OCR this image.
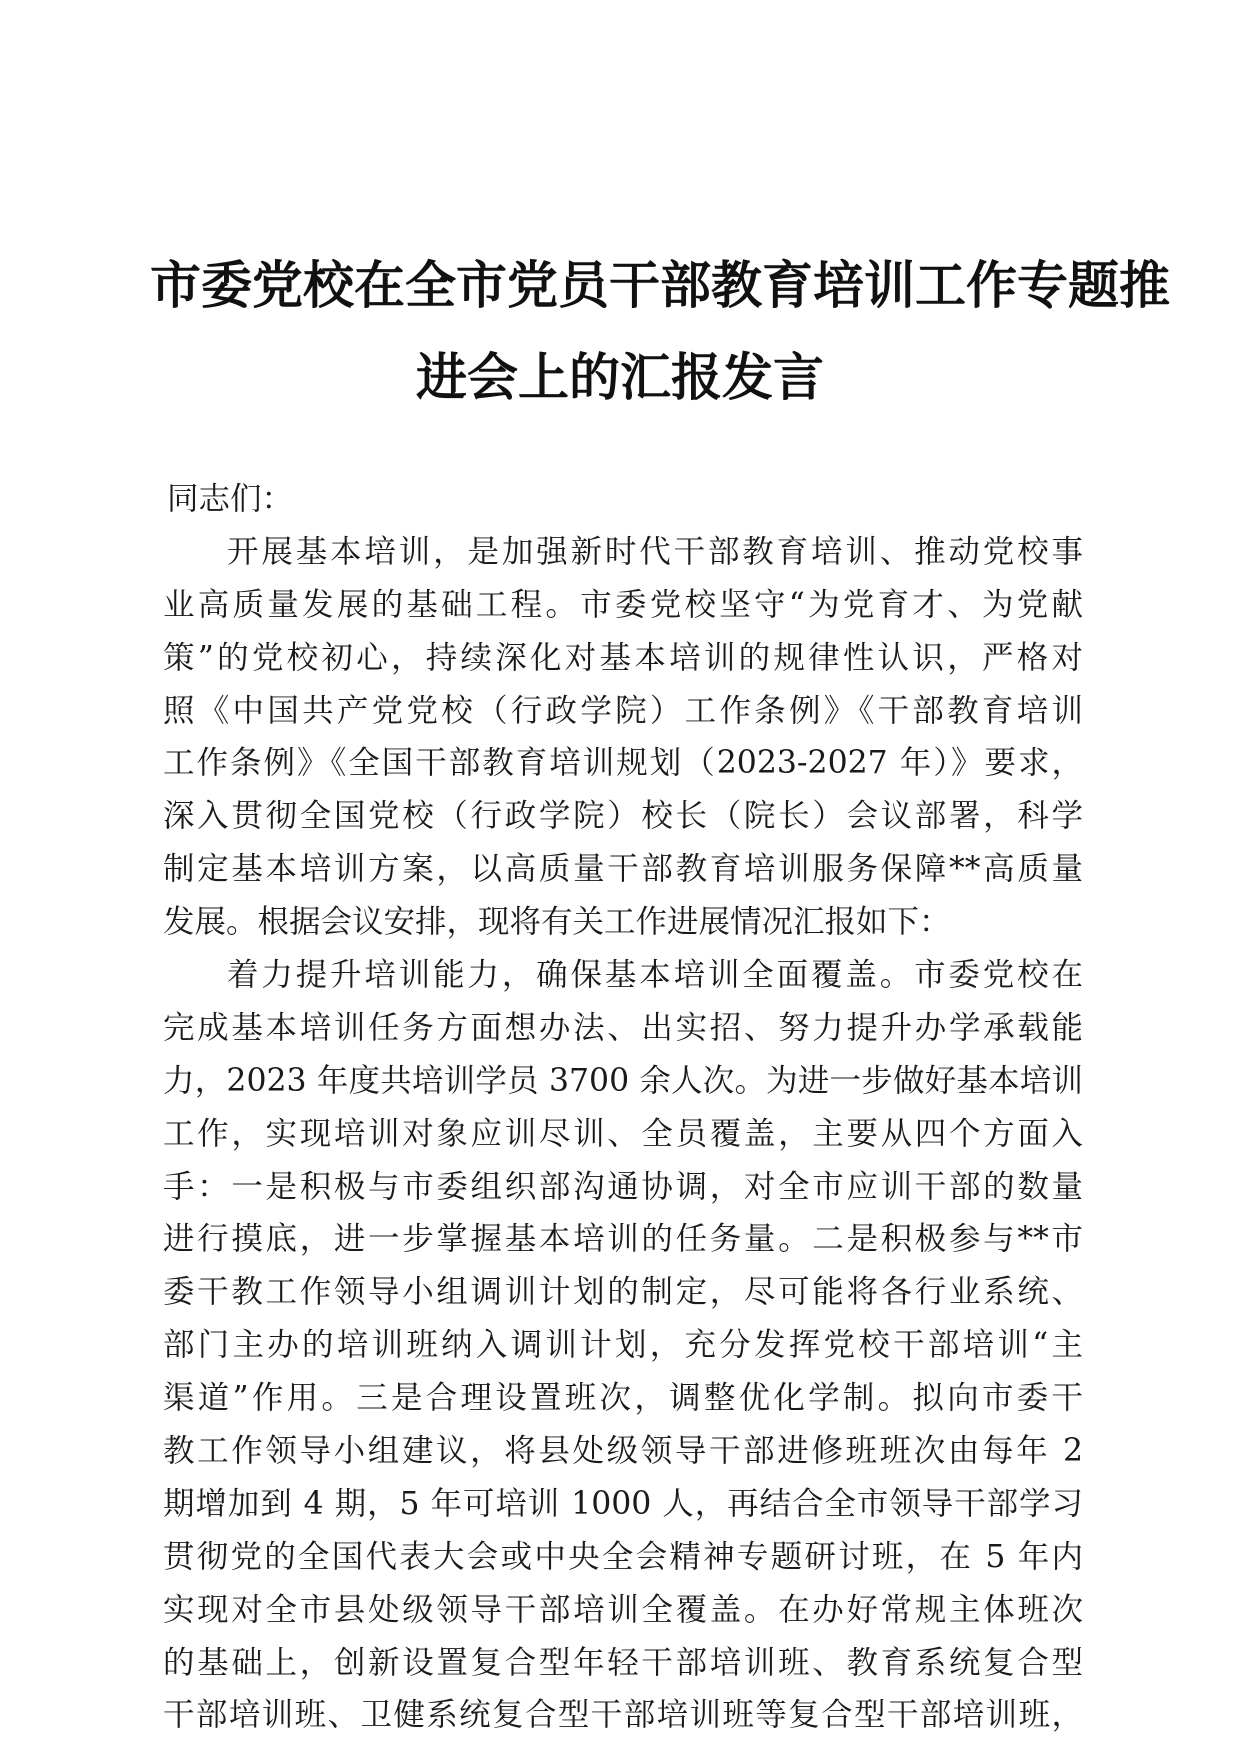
市委党校在全市党员干部教育培训工作专题推
进会上的汇报发言
同志们：
开展基本培训，是加强新时代干部教育培训、推动党校事
业高质量发展的基础工程。市委党校坚守“为党育才、为党献
策”的党校初心，持续深化对基本培训的规律性认识，严格对
照《中国共产党党校（行政学院）工作条例》《干部教育培训
工作条例》《全国干部教育培训规划（2023-2027 年）》要求，
深入贯彻全国党校（行政学院）校长（院长）会议部署，科学
制定基本培训方案，以高质量干部教育培训服务保障**高质量
发展。根据会议安排，现将有关工作进展情况汇报如下：
着力提升培训能力，确保基本培训全面覆盖。市委党校在
完成基本培训任务方面想办法、出实招、努力提升办学承载能
力，2023 年度共培训学员 3700 余人次。为进一步做好基本培训
工作，实现培训对象应训尽训、全员覆盖，主要从四个方面入
手：一是积极与市委组织部沟通协调，对全市应训干部的数量
进行摸底，进一步掌握基本培训的任务量。二是积极参与**市
委干教工作领导小组调训计划的制定，尽可能将各行业系统、
部门主办的培训班纳入调训计划，充分发挥党校干部培训“主
渠道”作用。三是合理设置班次，调整优化学制。拟向市委干
教工作领导小组建议，将县处级领导干部进修班班次由每年 2
期增加到 4 期，5 年可培训 1000 人，再结合全市领导干部学习
贯彻党的全国代表大会或中央全会精神专题研讨班，在 5 年内
实现对全市县处级领导干部培训全覆盖。在办好常规主体班次
的基础上，创新设置复合型年轻干部培训班、教育系统复合型
干部培训班、卫健系统复合型干部培训班等复合型干部培训班，
